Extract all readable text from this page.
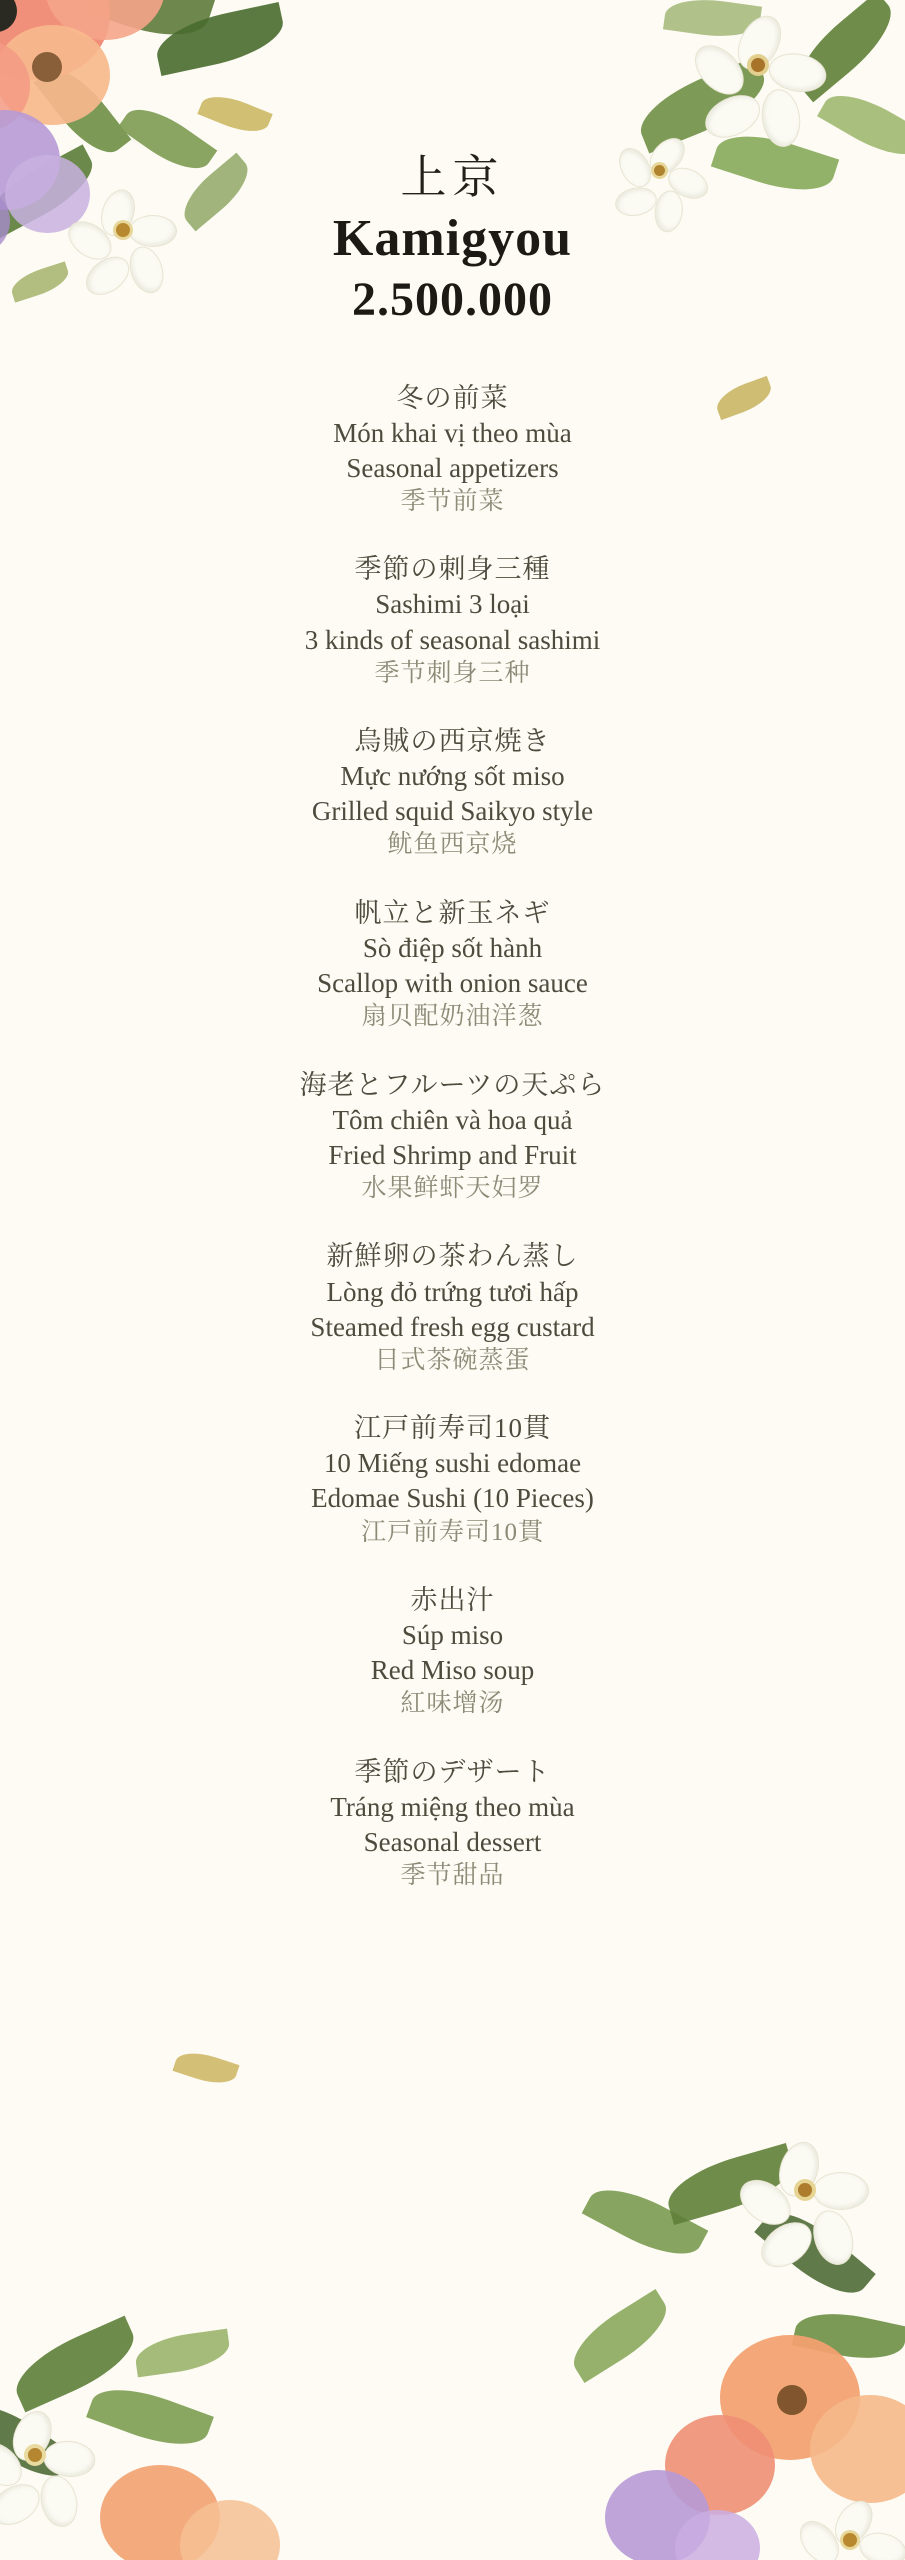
上京
Kamigyou
2.500.000
冬の前菜
Món khai vị theo mùa
Seasonal appetizers
季节前菜
季節の刺身三種
Sashimi 3 loại
3 kinds of seasonal sashimi
季节刺身三种
烏賊の西京焼き
Mực nướng sốt miso
Grilled squid Saikyo style
鱿鱼西京烧
帆立と新玉ネギ
Sò điệp sốt hành
Scallop with onion sauce
扇贝配奶油洋葱
海老とフルーツの天ぷら
Tôm chiên và hoa quả
Fried Shrimp and Fruit
水果鲜虾天妇罗
新鮮卵の茶わん蒸し
Lòng đỏ trứng tươi hấp
Steamed fresh egg custard
日式茶碗蒸蛋
江戸前寿司10貫
10 Miếng sushi edomae
Edomae Sushi (10 Pieces)
江戸前寿司10貫
赤出汁
Súp miso
Red Miso soup
紅味增汤
季節のデザート
Tráng miệng theo mùa
Seasonal dessert
季节甜品
